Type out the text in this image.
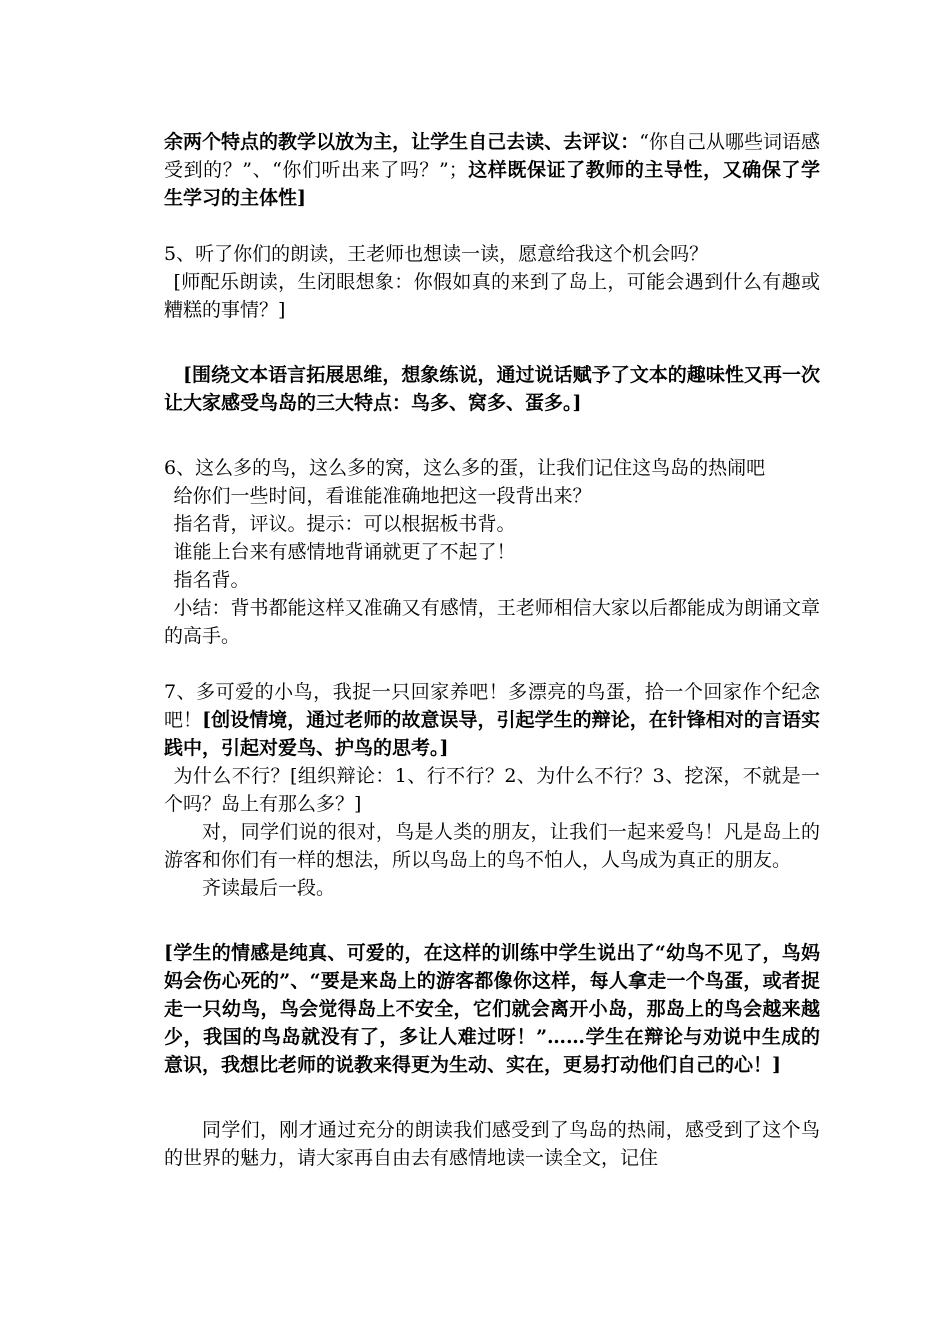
余两个特点的教学以放为主，让学生自己去读、去评议：“你自己从哪些词语感受到的？”、“你们听出来了吗？”；这样既保证了教师的主导性，又确保了学生学习的主体性]

5、听了你们的朗读，王老师也想读一读，愿意给我这个机会吗？

[师配乐朗读，生闭眼想象：你假如真的来到了岛上，可能会遇到什么有趣或糟糕的事情？]

[围绕文本语言拓展思维，想象练说，通过说话赋予了文本的趣味性又再一次让大家感受鸟岛的三大特点：鸟多、窝多、蛋多。]

6、这么多的鸟，这么多的窝，这么多的蛋，让我们记住这鸟岛的热闹吧

给你们一些时间，看谁能准确地把这一段背出来？

指名背，评议。提示：可以根据板书背。

谁能上台来有感情地背诵就更了不起了！

指名背。

小结：背书都能这样又准确又有感情，王老师相信大家以后都能成为朗诵文章的高手。

7、多可爱的小鸟，我捉一只回家养吧！多漂亮的鸟蛋，拾一个回家作个纪念吧！[创设情境，通过老师的故意误导，引起学生的辩论，在针锋相对的言语实践中，引起对爱鸟、护鸟的思考。]

为什么不行？[组织辩论：1、行不行？2、为什么不行？3、挖深，不就是一个吗？岛上有那么多？]

对，同学们说的很对，鸟是人类的朋友，让我们一起来爱鸟！凡是岛上的游客和你们有一样的想法，所以鸟岛上的鸟不怕人，人鸟成为真正的朋友。

齐读最后一段。

[学生的情感是纯真、可爱的，在这样的训练中学生说出了“幼鸟不见了，鸟妈妈会伤心死的”、“要是来岛上的游客都像你这样，每人拿走一个鸟蛋，或者捉走一只幼鸟，鸟会觉得岛上不安全，它们就会离开小岛，那岛上的鸟会越来越少，我国的鸟岛就没有了，多让人难过呀！”……学生在辩论与劝说中生成的意识，我想比老师的说教来得更为生动、实在，更易打动他们自己的心！]

同学们，刚才通过充分的朗读我们感受到了鸟岛的热闹，感受到了这个鸟的世界的魅力，请大家再自由去有感情地读一读全文，记住
